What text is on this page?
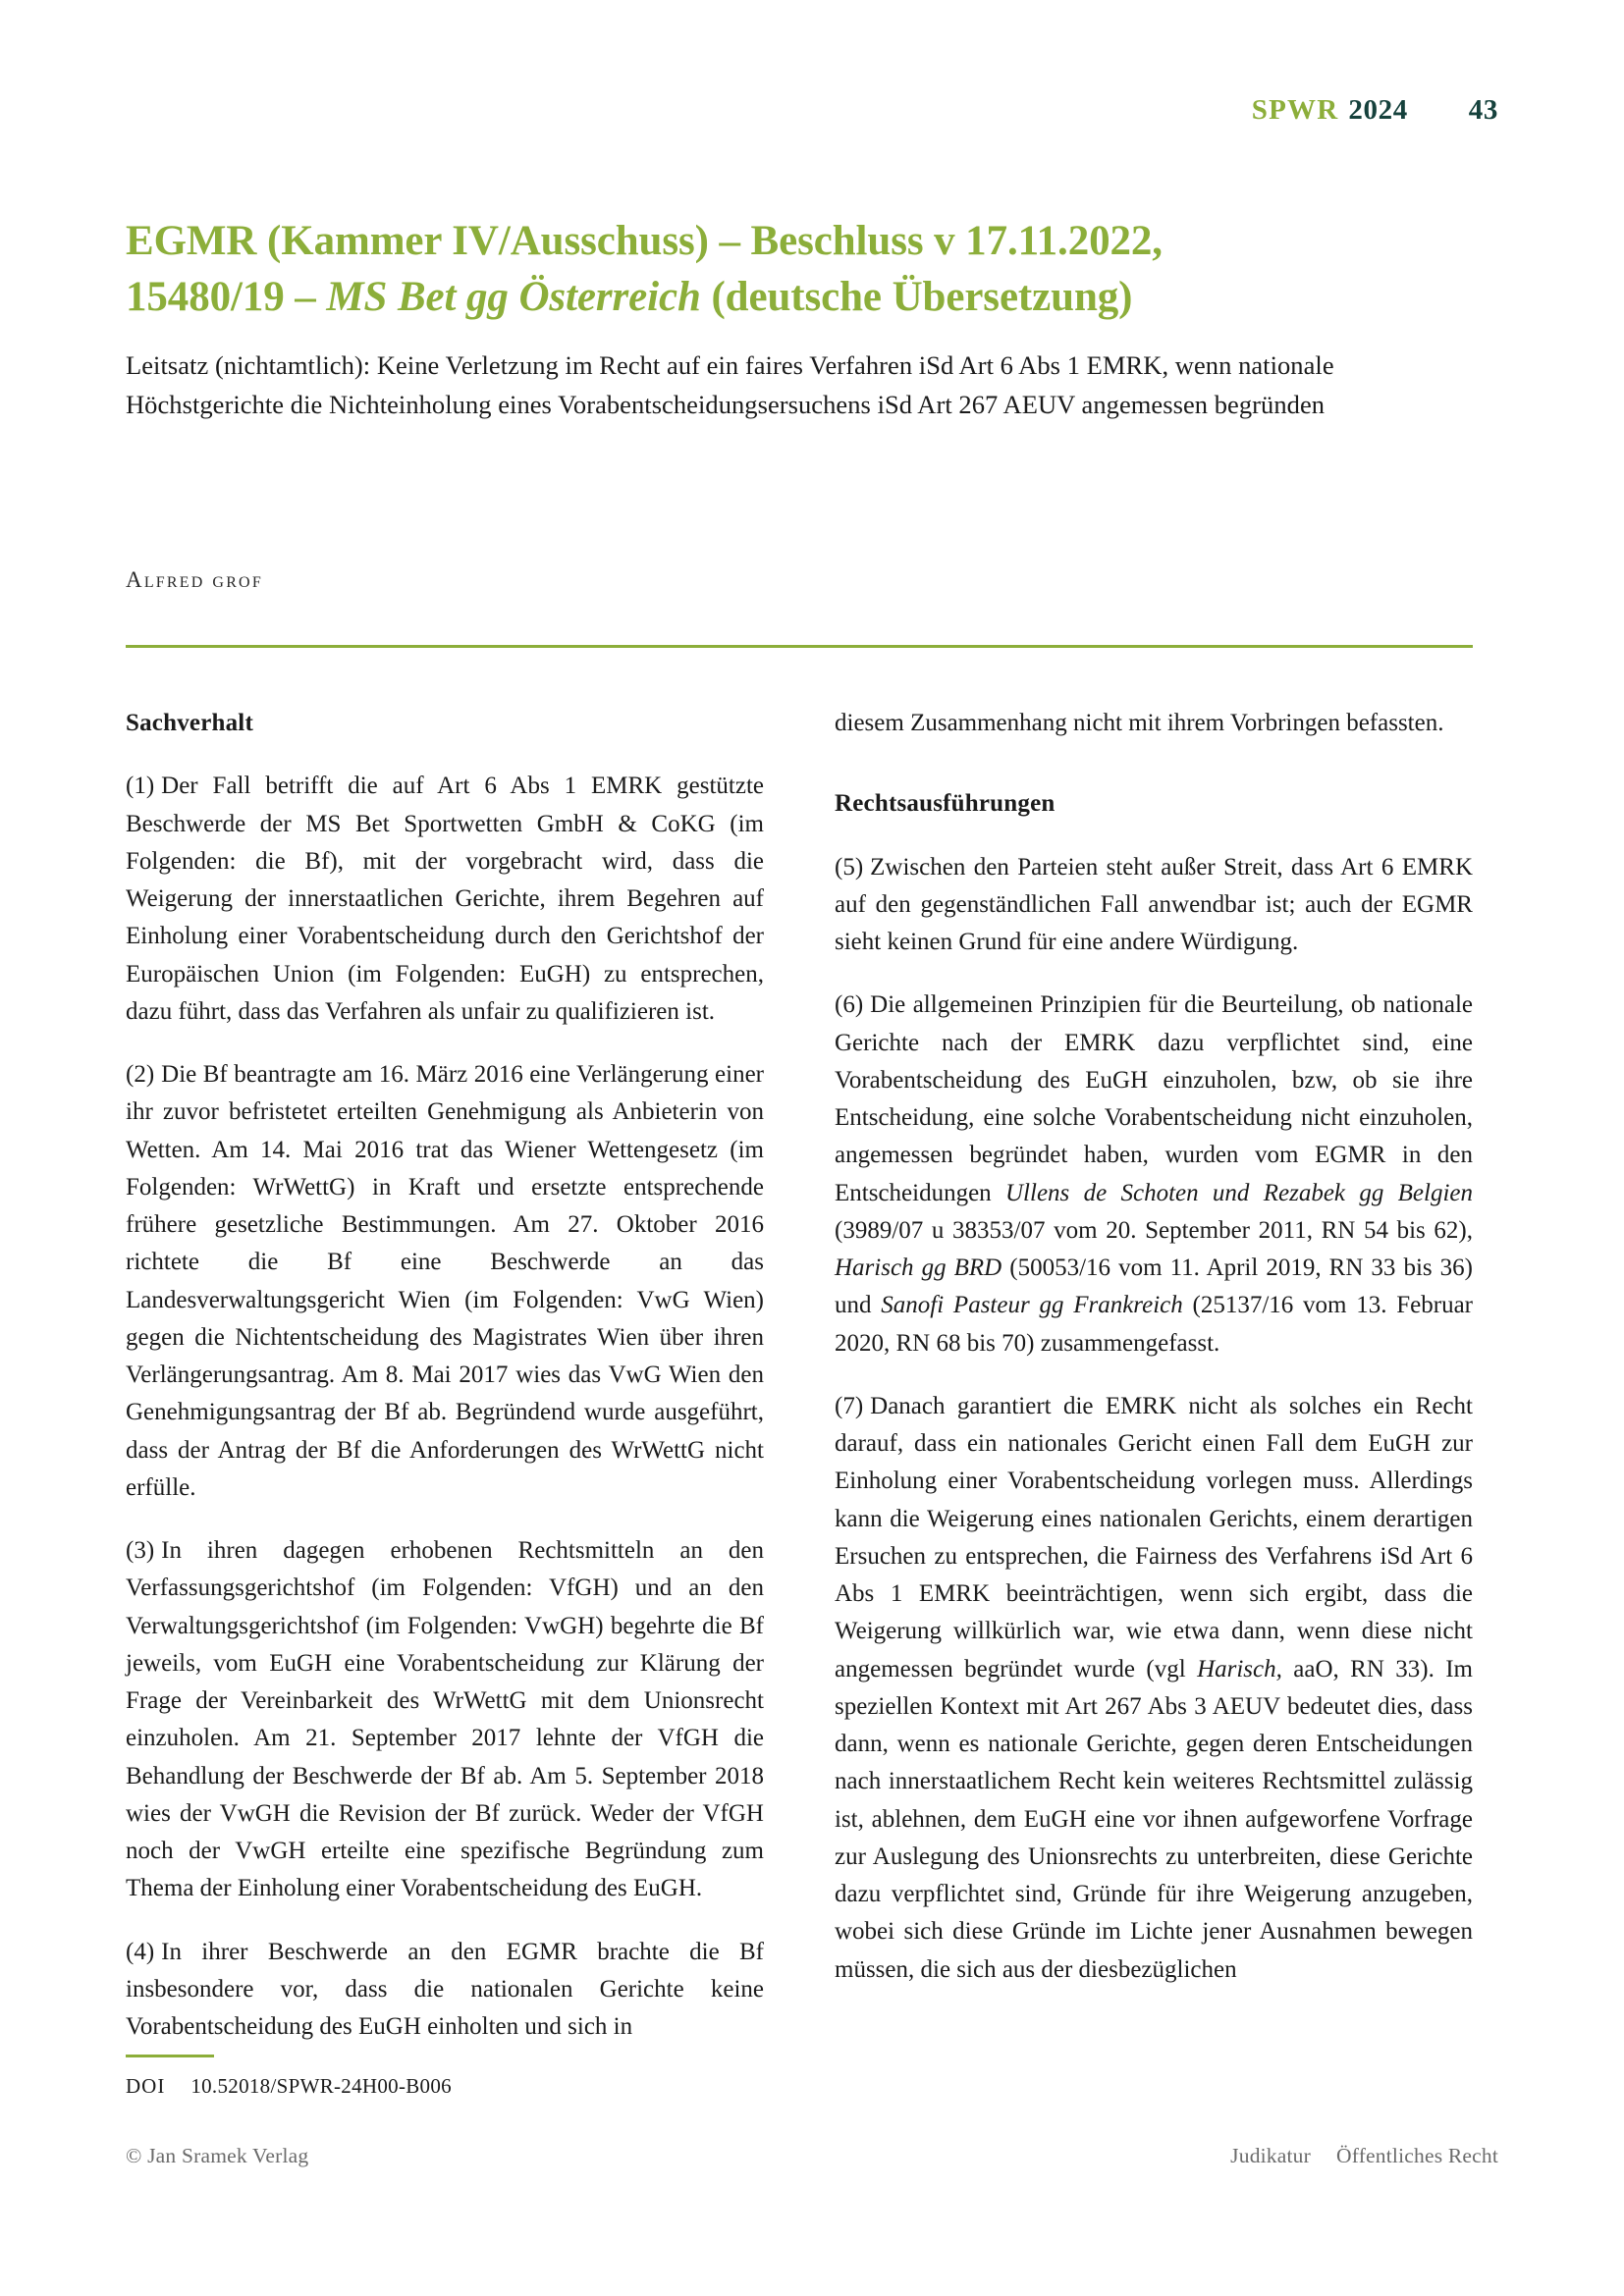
SPWR 2024 43
EGMR (Kammer IV/Ausschuss) – Beschluss v 17.11.2022,
15480/19 – MS Bet gg Österreich (deutsche Übersetzung)
Leitsatz (nichtamtlich): Keine Verletzung im Recht auf ein faires Verfahren iSd Art 6 Abs 1 EMRK, wenn nationale Höchstgerichte die Nichteinholung eines Vorabentscheidungsersuchens iSd Art 267 AEUV angemessen begründen
Alfred grof
Sachverhalt

(1) Der Fall betrifft die auf Art 6 Abs 1 EMRK gestützte Beschwerde der MS Bet Sportwetten GmbH & CoKG (im Folgenden: die Bf), mit der vorgebracht wird, dass die Weigerung der innerstaatlichen Gerichte, ihrem Begehren auf Einholung einer Vorabentscheidung durch den Gerichtshof der Europäischen Union (im Folgenden: EuGH) zu entsprechen, dazu führt, dass das Verfahren als unfair zu qualifizieren ist.

(2) Die Bf beantragte am 16. März 2016 eine Verlängerung einer ihr zuvor befristetet erteilten Genehmigung als Anbieterin von Wetten. Am 14. Mai 2016 trat das Wiener Wettengesetz (im Folgenden: WrWettG) in Kraft und ersetzte entsprechende frühere gesetzliche Bestimmungen. Am 27. Oktober 2016 richtete die Bf eine Beschwerde an das Landesverwaltungsgericht Wien (im Folgenden: VwG Wien) gegen die Nichtentscheidung des Magistrates Wien über ihren Verlängerungsantrag. Am 8. Mai 2017 wies das VwG Wien den Genehmigungsantrag der Bf ab. Begründend wurde ausgeführt, dass der Antrag der Bf die Anforderungen des WrWettG nicht erfülle.

(3) In ihren dagegen erhobenen Rechtsmitteln an den Verfassungsgerichtshof (im Folgenden: VfGH) und an den Verwaltungsgerichtshof (im Folgenden: VwGH) begehrte die Bf jeweils, vom EuGH eine Vorabentscheidung zur Klärung der Frage der Vereinbarkeit des WrWettG mit dem Unionsrecht einzuholen. Am 21. September 2017 lehnte der VfGH die Behandlung der Beschwerde der Bf ab. Am 5. September 2018 wies der VwGH die Revision der Bf zurück. Weder der VfGH noch der VwGH erteilte eine spezifische Begründung zum Thema der Einholung einer Vorabentscheidung des EuGH.

(4) In ihrer Beschwerde an den EGMR brachte die Bf insbesondere vor, dass die nationalen Gerichte keine Vorabentscheidung des EuGH einholten und sich in

diesem Zusammenhang nicht mit ihrem Vorbringen befassten.

Rechtsausführungen

(5) Zwischen den Parteien steht außer Streit, dass Art 6 EMRK auf den gegenständlichen Fall anwendbar ist; auch der EGMR sieht keinen Grund für eine andere Würdigung.

(6) Die allgemeinen Prinzipien für die Beurteilung, ob nationale Gerichte nach der EMRK dazu verpflichtet sind, eine Vorabentscheidung des EuGH einzuholen, bzw, ob sie ihre Entscheidung, eine solche Vorabentscheidung nicht einzuholen, angemessen begründet haben, wurden vom EGMR in den Entscheidungen Ullens de Schoten und Rezabek gg Belgien (3989/07 u 38353/07 vom 20. September 2011, RN 54 bis 62), Harisch gg BRD (50053/16 vom 11. April 2019, RN 33 bis 36) und Sanofi Pasteur gg Frankreich (25137/16 vom 13. Februar 2020, RN 68 bis 70) zusammengefasst.

(7) Danach garantiert die EMRK nicht als solches ein Recht darauf, dass ein nationales Gericht einen Fall dem EuGH zur Einholung einer Vorabentscheidung vorlegen muss. Allerdings kann die Weigerung eines nationalen Gerichts, einem derartigen Ersuchen zu entsprechen, die Fairness des Verfahrens iSd Art 6 Abs 1 EMRK beeinträchtigen, wenn sich ergibt, dass die Weigerung willkürlich war, wie etwa dann, wenn diese nicht angemessen begründet wurde (vgl Harisch, aaO, RN 33). Im speziellen Kontext mit Art 267 Abs 3 AEUV bedeutet dies, dass dann, wenn es nationale Gerichte, gegen deren Entscheidungen nach innerstaatlichem Recht kein weiteres Rechtsmittel zulässig ist, ablehnen, dem EuGH eine vor ihnen aufgeworfene Vorfrage zur Auslegung des Unionsrechts zu unterbreiten, diese Gerichte dazu verpflichtet sind, Gründe für ihre Weigerung anzugeben, wobei sich diese Gründe im Lichte jener Ausnahmen bewegen müssen, die sich aus der diesbezüglichen

DOI 10.52018/SPWR-24H00-B006
© Jan Sramek Verlag	Judikatur Öffentliches Recht
